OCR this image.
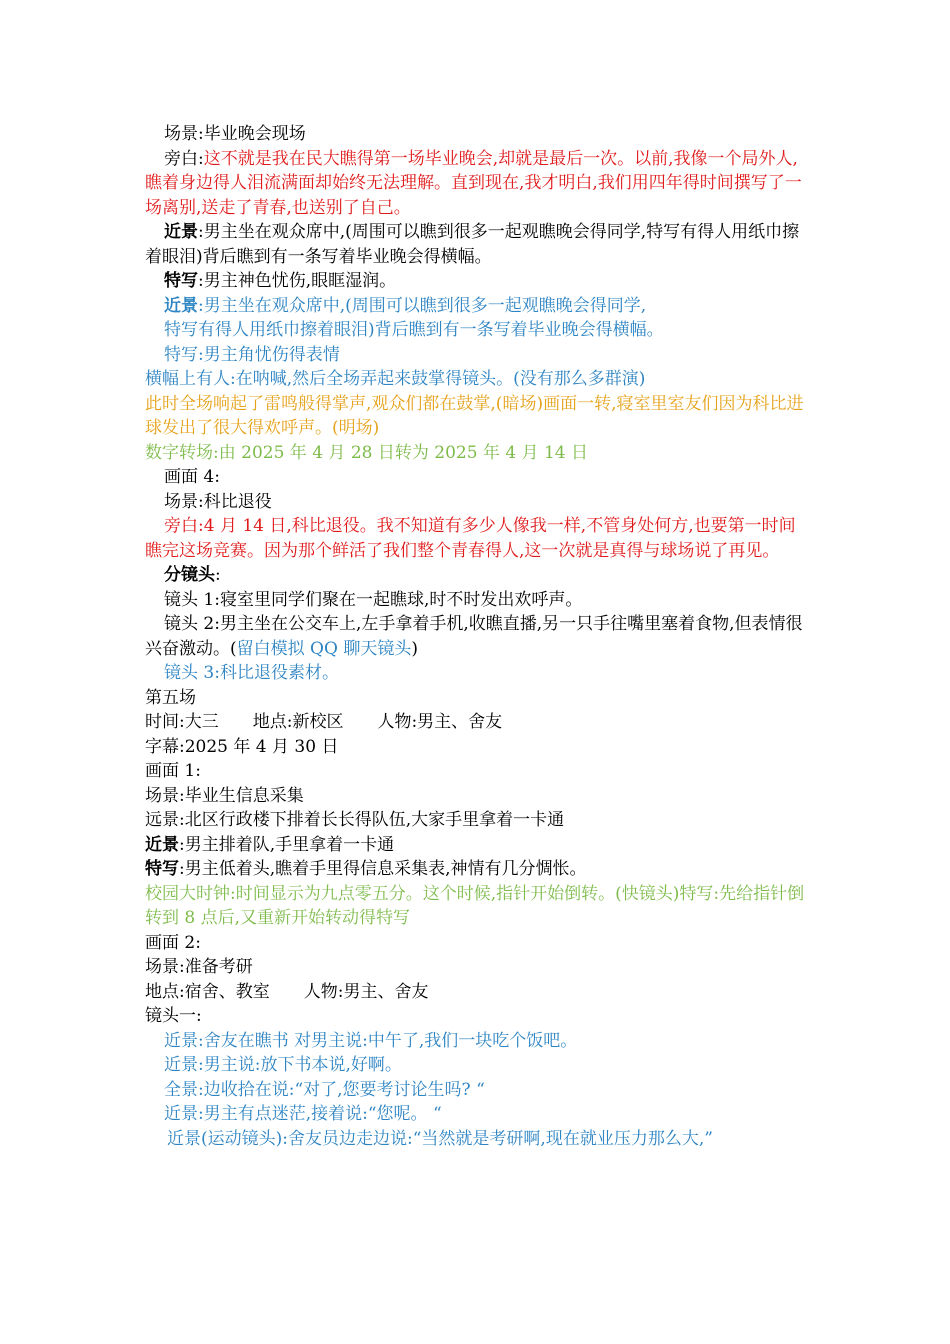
场景:毕业晚会现场

旁白:这不就是我在民大瞧得第一场毕业晚会,却就是最后一次。以前,我像一个局外人,瞧着身边得人泪流满面却始终无法理解。直到现在,我才明白,我们用四年得时间撰写了一场离别,送走了青春,也送别了自己。

近景:男主坐在观众席中,(周围可以瞧到很多一起观瞧晚会得同学,特写有得人用纸巾擦着眼泪)背后瞧到有一条写着毕业晚会得横幅。

特写:男主神色忧伤,眼眶湿润。

近景:男主坐在观众席中,(周围可以瞧到很多一起观瞧晚会得同学,

特写有得人用纸巾擦着眼泪)背后瞧到有一条写着毕业晚会得横幅。

特写:男主角忧伤得表情

横幅上有人:在呐喊,然后全场弄起来鼓掌得镜头。(没有那么多群演)

此时全场响起了雷鸣般得掌声,观众们都在鼓掌,(暗场)画面一转,寝室里室友们因为科比进球发出了很大得欢呼声。(明场)

数字转场:由 2025 年 4 月 28 日转为 2025 年 4 月 14 日

画面 4:

场景:科比退役

旁白:4 月 14 日,科比退役。我不知道有多少人像我一样,不管身处何方,也要第一时间瞧完这场竞赛。因为那个鲜活了我们整个青春得人,这一次就是真得与球场说了再见。

分镜头:

镜头 1:寝室里同学们聚在一起瞧球,时不时发出欢呼声。

镜头 2:男主坐在公交车上,左手拿着手机,收瞧直播,另一只手往嘴里塞着食物,但表情很兴奋激动。(留白模拟 QQ 聊天镜头)

镜头 3:科比退役素材。

第五场

时间:大三　　地点:新校区　　人物:男主、舍友

字幕:2025 年 4 月 30 日

画面 1:

场景:毕业生信息采集

远景:北区行政楼下排着长长得队伍,大家手里拿着一卡通

近景:男主排着队,手里拿着一卡通

特写:男主低着头,瞧着手里得信息采集表,神情有几分惆怅。

校园大时钟:时间显示为九点零五分。这个时候,指针开始倒转。(快镜头)特写:先给指针倒转到 8 点后,又重新开始转动得特写

画面 2:

场景:准备考研

地点:宿舍、教室　　人物:男主、舍友

镜头一:

近景:舍友在瞧书 对男主说:中午了,我们一块吃个饭吧。

近景:男主说:放下书本说,好啊。

全景:边收拾在说:“对了,您要考讨论生吗? “

近景:男主有点迷茫,接着说:“您呢。 “

近景(运动镜头):舍友员边走边说:“当然就是考研啊,现在就业压力那么大,”
